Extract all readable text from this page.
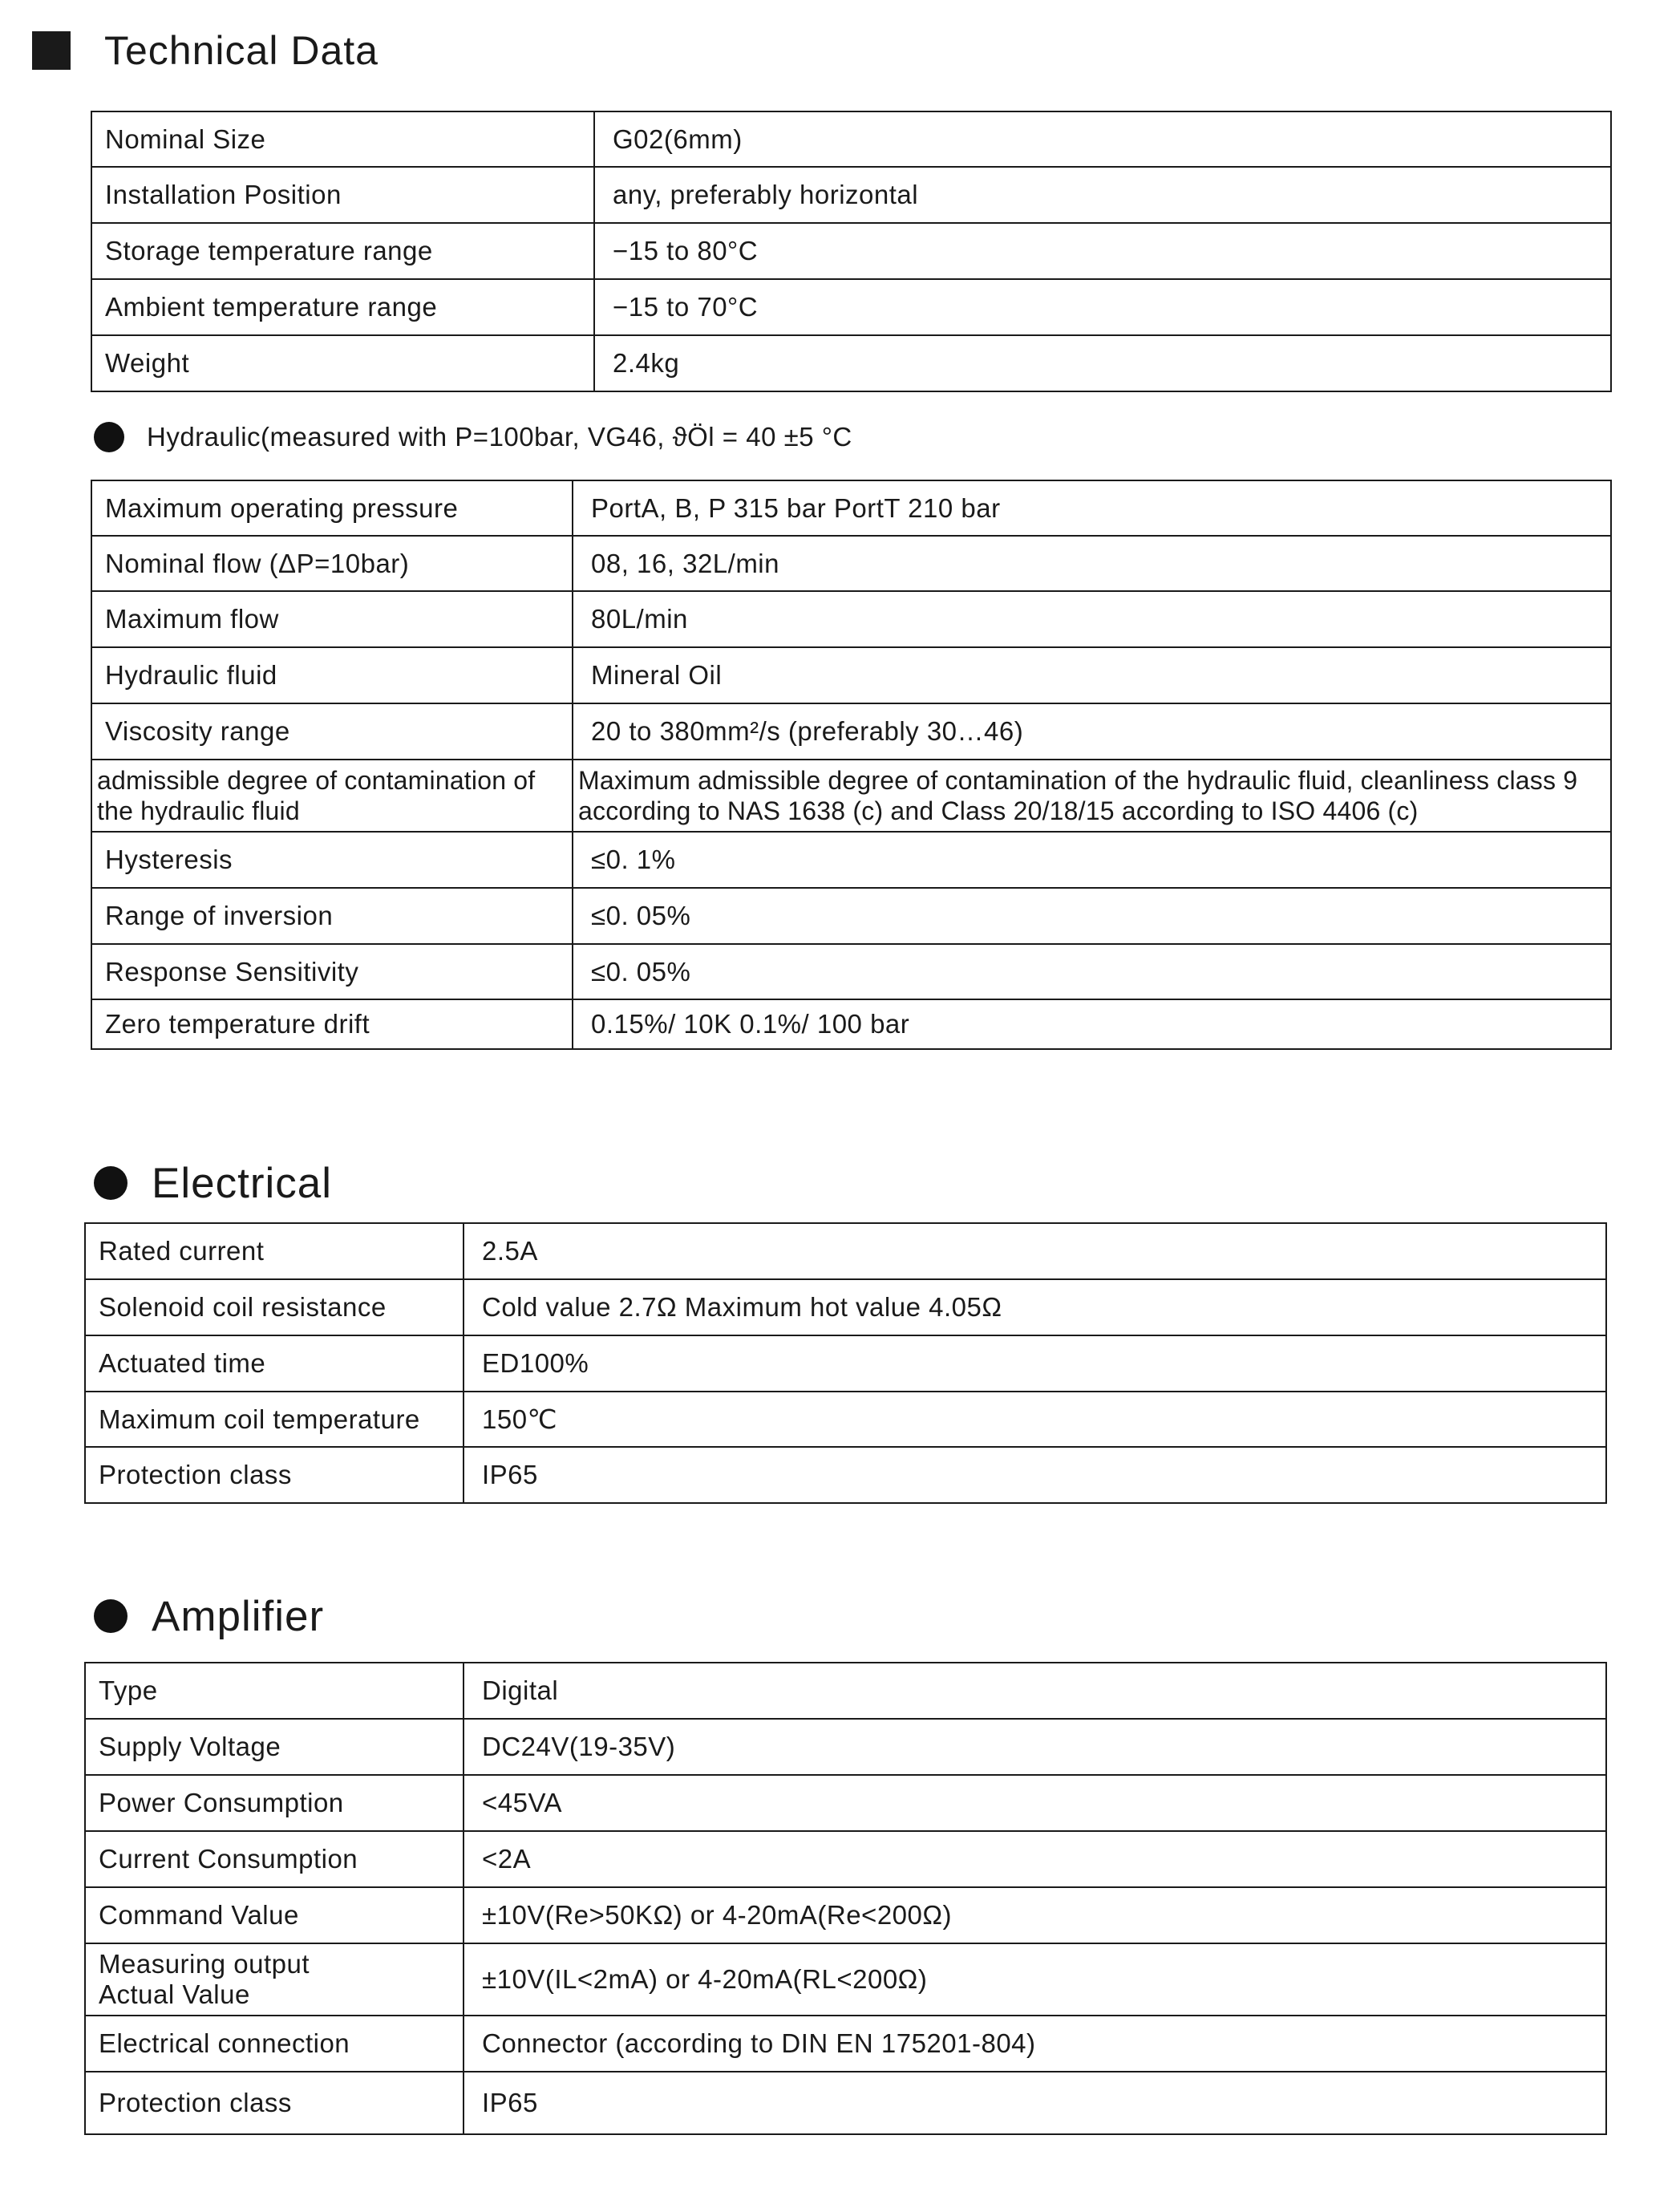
Technical Data
Nominal Size	G02(6mm)
Installation Position	any, preferably horizontal
Storage temperature range	−15 to 80°C
Ambient temperature range	−15 to 70°C
Weight	2.4kg
Hydraulic(measured with P=100bar, VG46, ϑÖl = 40 ±5 °C
Maximum operating pressure	PortA, B, P 315 bar PortT 210 bar
Nominal flow (ΔP=10bar)	08, 16, 32L/min
Maximum flow	80L/min
Hydraulic fluid	Mineral Oil
Viscosity range	20 to 380mm²/s (preferably 30…46)
admissible degree of contamination of the hydraulic fluid	Maximum admissible degree of contamination of the hydraulic fluid, cleanliness class 9 according to NAS 1638 (c) and Class 20/18/15 according to ISO 4406 (c)
Hysteresis	≤0. 1%
Range of inversion	≤0. 05%
Response Sensitivity	≤0. 05%
Zero temperature drift	0.15%/ 10K 0.1%/ 100 bar
Electrical
Rated current	2.5A
Solenoid coil resistance	Cold value 2.7Ω Maximum hot value 4.05Ω
Actuated time	ED100%
Maximum coil temperature	150℃
Protection class	IP65
Amplifier
Type	Digital
Supply Voltage	DC24V(19-35V)
Power Consumption	<45VA
Current Consumption	<2A
Command Value	±10V(Re>50KΩ) or 4-20mA(Re<200Ω)
Measuring output Actual Value	±10V(IL<2mA) or 4-20mA(RL<200Ω)
Electrical connection	Connector (according to DIN EN 175201-804)
Protection class	IP65
